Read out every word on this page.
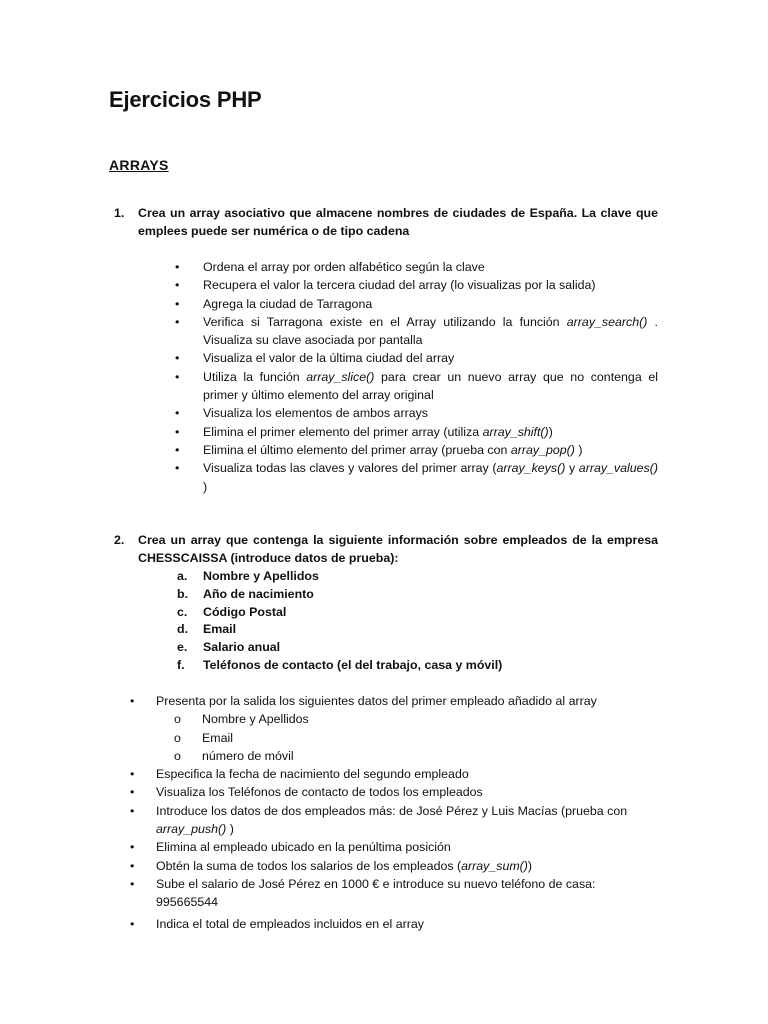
Ejercicios PHP
ARRAYS
1. Crea un array asociativo que almacene nombres de ciudades de España. La clave que emplees puede ser numérica o de tipo cadena
• Ordena el array por orden alfabético según la clave
• Recupera el valor la tercera ciudad del array (lo visualizas por la salida)
• Agrega la ciudad de Tarragona
• Verifica si Tarragona existe en el Array utilizando la función array_search() . Visualiza su clave asociada por pantalla
• Visualiza el valor de la última ciudad del array
• Utiliza la función array_slice() para crear un nuevo array que no contenga el primer y último elemento del array original
• Visualiza los elementos de ambos arrays
• Elimina el primer elemento del primer array (utiliza array_shift())
• Elimina el último elemento del primer array (prueba con array_pop() )
• Visualiza todas las claves y valores del primer array (array_keys() y array_values() )
2. Crea un array que contenga la siguiente información sobre empleados de la empresa CHESSCAISSA (introduce datos de prueba):
a. Nombre y Apellidos
b. Año de nacimiento
c. Código Postal
d. Email
e. Salario anual
f. Teléfonos de contacto (el del trabajo, casa y móvil)
• Presenta por la salida los siguientes datos del primer empleado añadido al array
o Nombre y Apellidos
o Email
o número de móvil
• Especifica la fecha de nacimiento del segundo empleado
• Visualiza los Teléfonos de contacto de todos los empleados
• Introduce los datos de dos empleados más: de José Pérez y Luis Macías (prueba con array_push() )
• Elimina al empleado ubicado en la penúltima posición
• Obtén la suma de todos los salarios de los empleados (array_sum())
• Sube el salario de José Pérez en 1000 € e introduce su nuevo teléfono de casa: 995665544
• Indica el total de empleados incluidos en el array
